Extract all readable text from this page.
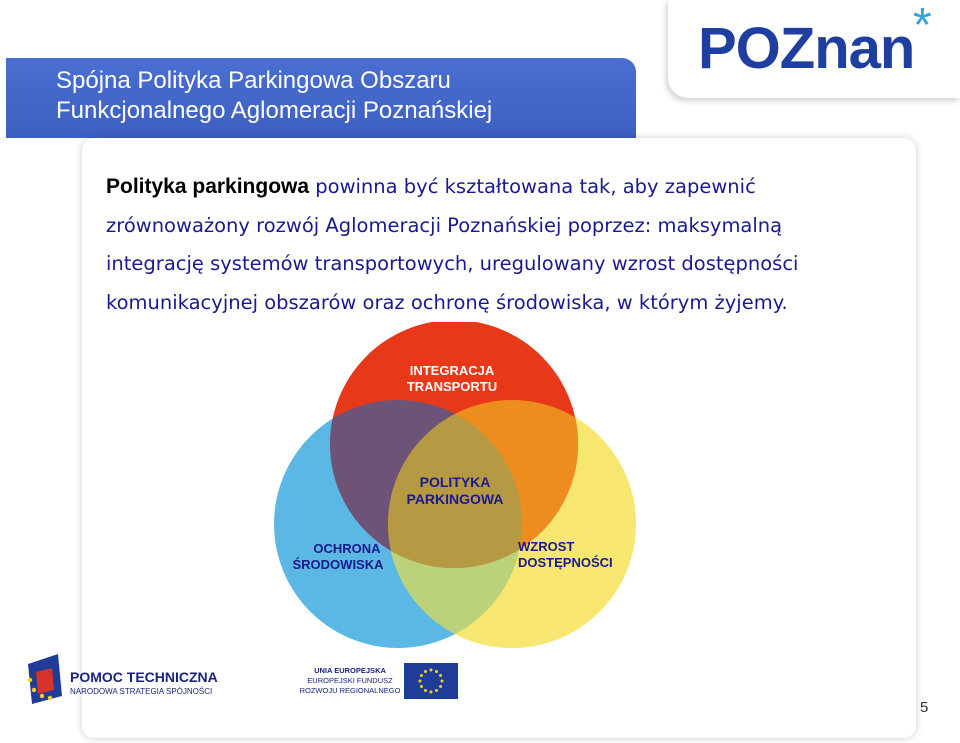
Spójna Polityka Parkingowa Obszaru
Funkcjonalnego Aglomeracji Poznańskiej
POZnan
*

Polityka parkingowa powinna być kształtowana tak, aby zapewnić
zrównoważony rozwój Aglomeracji Poznańskiej poprzez: maksymalną
integrację systemów transportowych, uregulowany wzrost dostępności
komunikacyjnej obszarów oraz ochronę środowiska, w którym żyjemy.

INTEGRACJA
TRANSPORTU
POLITYKA
PARKINGOWA
OCHRONA
ŚRODOWISKA
WZROST
DOSTĘPNOŚCI
POMOC TECHNICZNA
NARODOWA STRATEGIA SPÓJNOŚCI
UNIA EUROPEJSKA
EUROPEJSKI FUNDUSZ
ROZWOJU REGIONALNEGO
5
